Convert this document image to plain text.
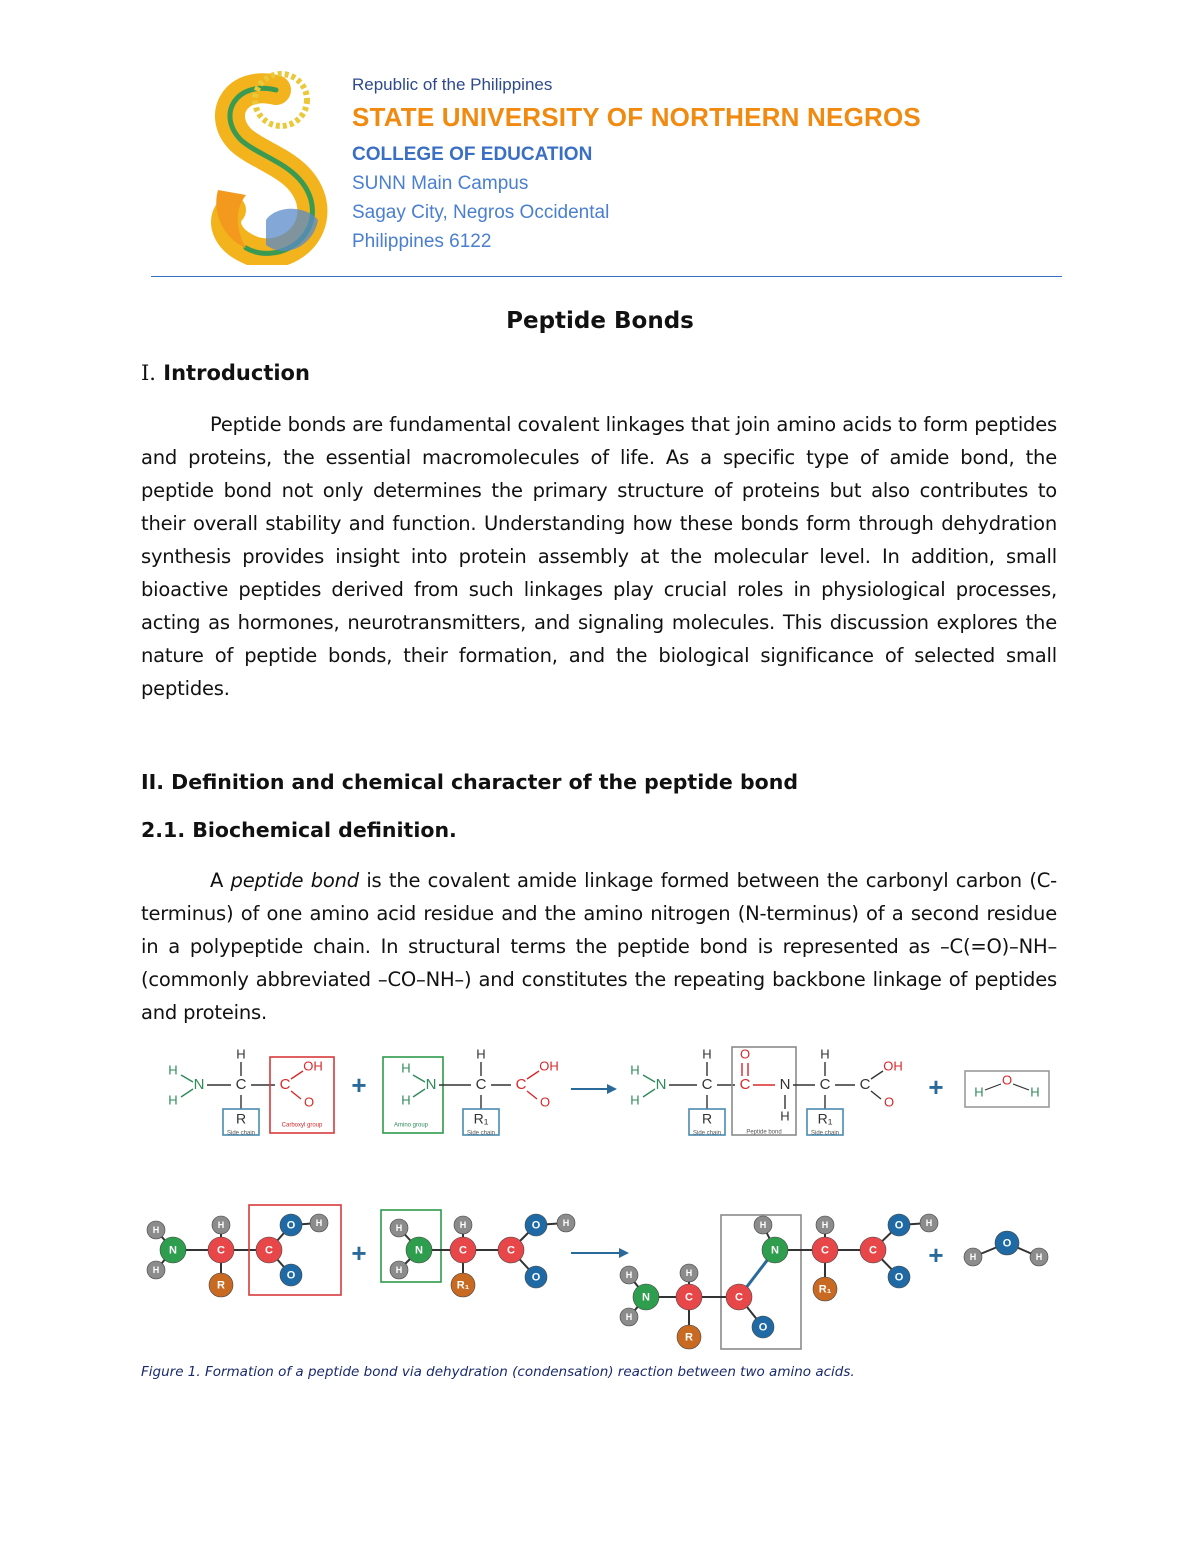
Republic of the Philippines

STATE UNIVERSITY OF NORTHERN NEGROS

COLLEGE OF EDUCATION

SUNN Main Campus

Sagay City, Negros Occidental

Philippines 6122

Peptide Bonds
I. Introduction

Peptide bonds are fundamental covalent linkages that join amino acids to form peptides and proteins, the essential macromolecules of life. As a specific type of amide bond, the peptide bond not only determines the primary structure of proteins but also contributes to their overall stability and function. Understanding how these bonds form through dehydration synthesis provides insight into protein assembly at the molecular level. In addition, small bioactive peptides derived from such linkages play crucial roles in physiological processes, acting as hormones, neurotransmitters, and signaling molecules. This discussion explores the nature of peptide bonds, their formation, and the biological significance of selected small peptides.

II. Definition and chemical character of the peptide bond
2.1. Biochemical definition.

A peptide bond is the covalent amide linkage formed between the carbonyl carbon (C-terminus) of one amino acid residue and the amino nitrogen (N-terminus) of a second residue in a polypeptide chain. In structural terms the peptide bond is represented as –C(=O)–NH– (commonly abbreviated –CO–NH–) and constitutes the repeating backbone linkage of peptides and proteins.

H
H
N C
H
R
Side chain
C
OH
O
Carboxyl group
+
H
H
N
Amino group
C
H
R₁
Side chain
C
OH
O
H
H
N C
H
R
Side chain
C
O
N
H
Peptide bond
C
H
R₁
Side chain
C
OH
O
+ H
O
H
H
H
N
H
C
R
C
O H
O
+
H
H
N
H
C
R₁
C
O H
O	H
H
N
H
C
R
C
O
H
N
H
C
R₁
C
O H
O
+	H
O
H

Figure 1. Formation of a peptide bond via dehydration (condensation) reaction between two amino acids.
